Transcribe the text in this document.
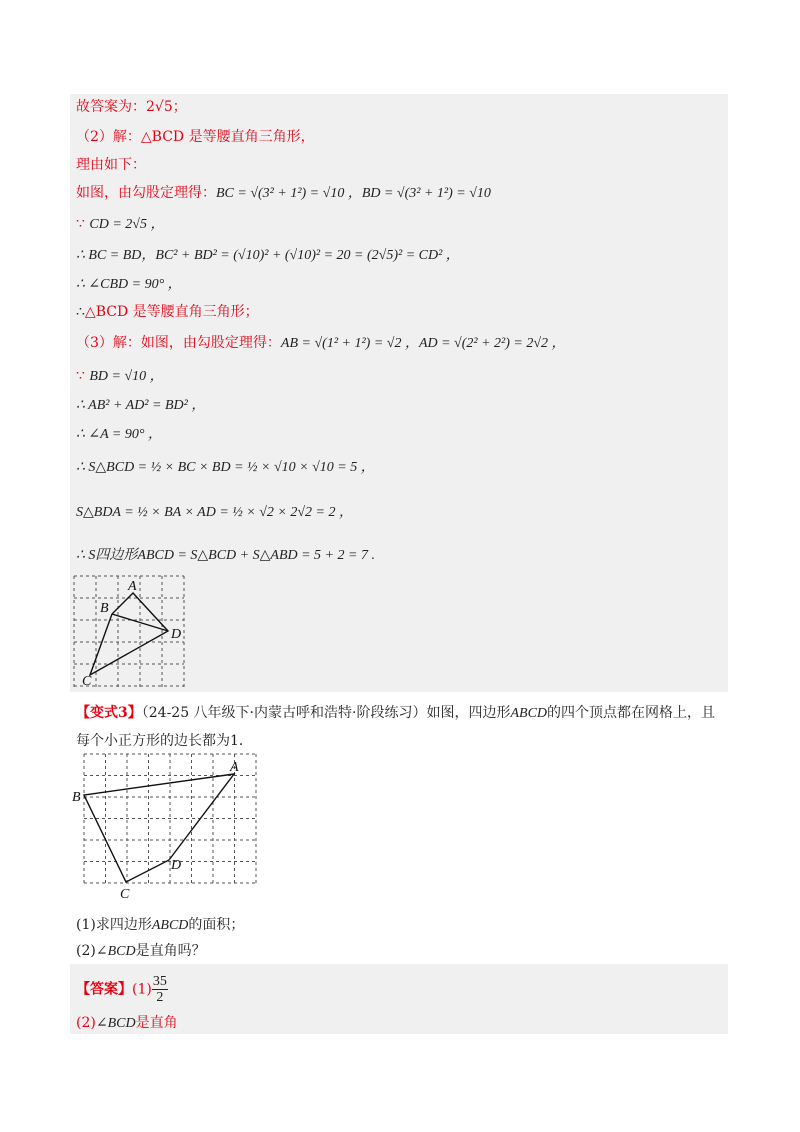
故答案为：2√5；
（2）解：△BCD 是等腰直角三角形，
理由如下：
如图，由勾股定理得：BC = √(3² + 1²) = √10 ，BD = √(3² + 1²) = √10
∵ CD = 2√5 ，
∴ BC = BD，BC² + BD² = (√10)² + (√10)² = 20 = (2√5)² = CD² ，
∴ ∠CBD = 90° ，
∴△BCD 是等腰直角三角形；
（3）解：如图，由勾股定理得：AB = √(1² + 1²) = √2 ，AD = √(2² + 2²) = 2√2 ，
∵ BD = √10 ，
∴ AB² + AD² = BD² ，
∴ ∠A = 90° ，
∴ S△BCD = ½ × BC × BD = ½ × √10 × √10 = 5 ，
S△BDA = ½ × BA × AD = ½ × √2 × 2√2 = 2 ，
∴ S四边形ABCD = S△BCD + S△ABD = 5 + 2 = 7 .
A
B
C
D
【变式3】（24-25 八年级下·内蒙古呼和浩特·阶段练习）如图，四边形ABCD的四个顶点都在网格上，且
每个小正方形的边长都为1．
A
B
C
D
(1)求四边形ABCD的面积；
(2)∠BCD是直角吗？
【答案】$(1) \frac{35}{2}$
(2)∠BCD是直角
